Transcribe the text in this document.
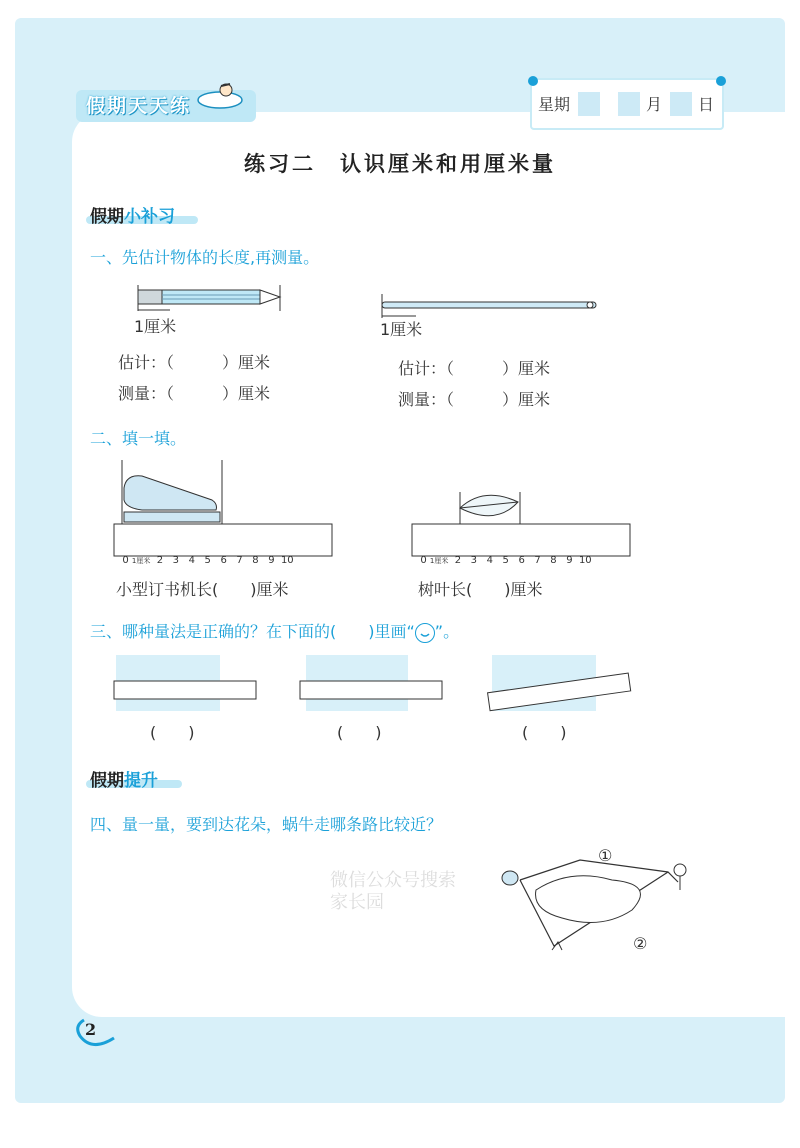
假期天天练	星期	月 日
练习二　认识厘米和用厘米量
假期小补习
一、先估计物体的长度,再测量。
1厘米	1厘米
估计：（　　　）厘米
测量：（　　　）厘米
估计：（　　　）厘米
测量：（　　　）厘米
二、填一填。

0 1厘米 2 3 4 5 6 7 8 9 10	0 1厘米 2 3 4 5 6 7 8 9 10

小型订书机长(　　)厘米	树叶长(　　)厘米
三、哪种量法是正确的？在下面的(　　)里画“ ”。
(　　)	(　　)	(　　)
假期提升
四、量一量，要到达花朵，蜗牛走哪条路比较近？
①
②
微信公众号搜索家长园
2
